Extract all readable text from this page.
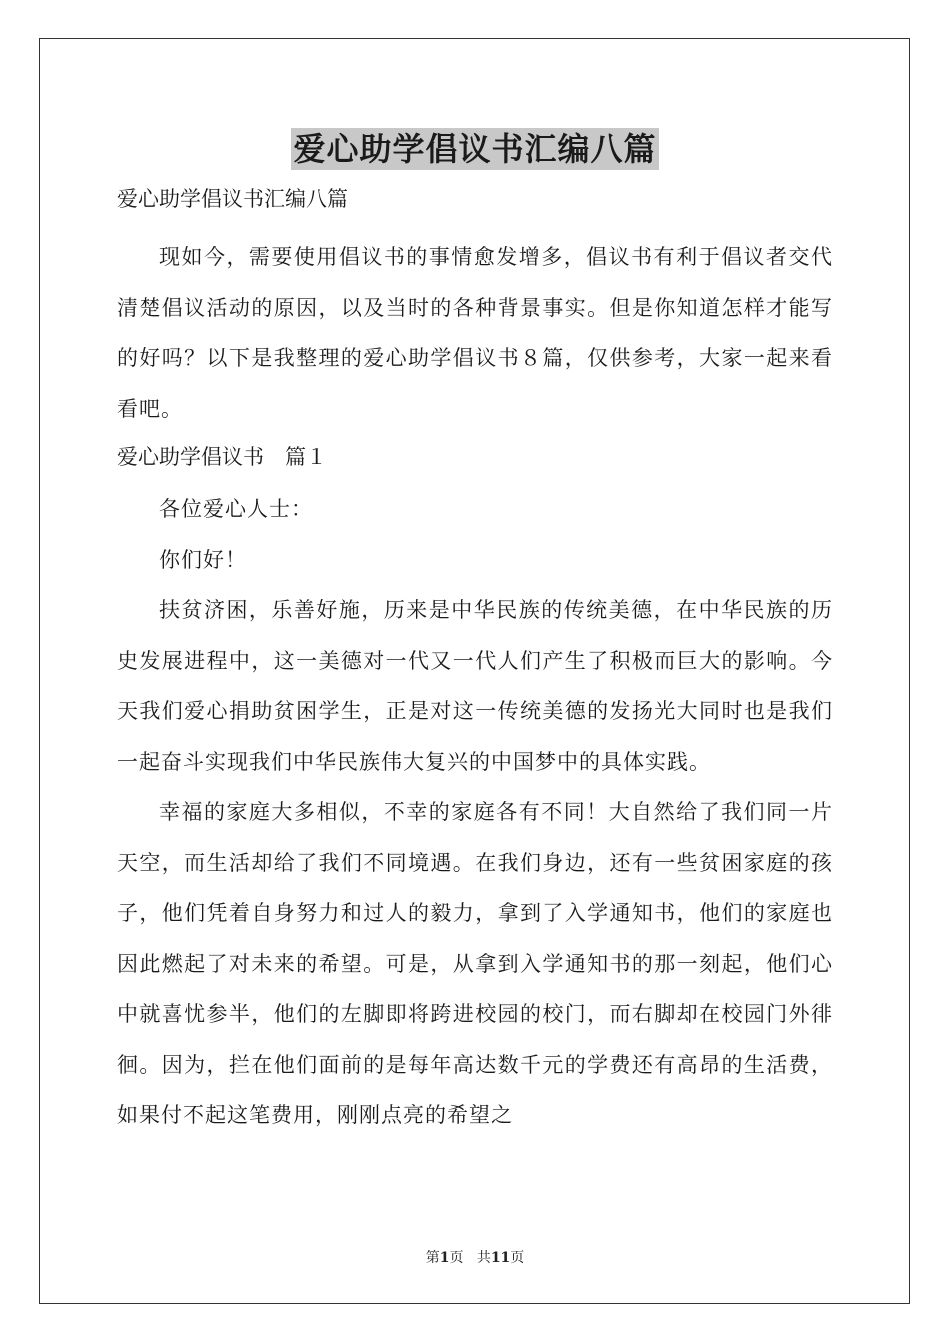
爱心助学倡议书汇编八篇

爱心助学倡议书汇编八篇

现如今，需要使用倡议书的事情愈发增多，倡议书有利于倡议者交代清楚倡议活动的原因，以及当时的各种背景事实。但是你知道怎样才能写的好吗？以下是我整理的爱心助学倡议书８篇，仅供参考，大家一起来看看吧。

爱心助学倡议书　篇１

各位爱心人士：

你们好！

扶贫济困，乐善好施，历来是中华民族的传统美德，在中华民族的历史发展进程中，这一美德对一代又一代人们产生了积极而巨大的影响。今天我们爱心捐助贫困学生，正是对这一传统美德的发扬光大同时也是我们一起奋斗实现我们中华民族伟大复兴的中国梦中的具体实践。

幸福的家庭大多相似，不幸的家庭各有不同！大自然给了我们同一片天空，而生活却给了我们不同境遇。在我们身边，还有一些贫困家庭的孩子，他们凭着自身努力和过人的毅力，拿到了入学通知书，他们的家庭也因此燃起了对未来的希望。可是，从拿到入学通知书的那一刻起，他们心中就喜忧参半，他们的左脚即将跨进校园的校门，而右脚却在校园门外徘徊。因为，拦在他们面前的是每年高达数千元的学费还有高昂的生活费，如果付不起这笔费用，刚刚点亮的希望之

第1页 共11页
